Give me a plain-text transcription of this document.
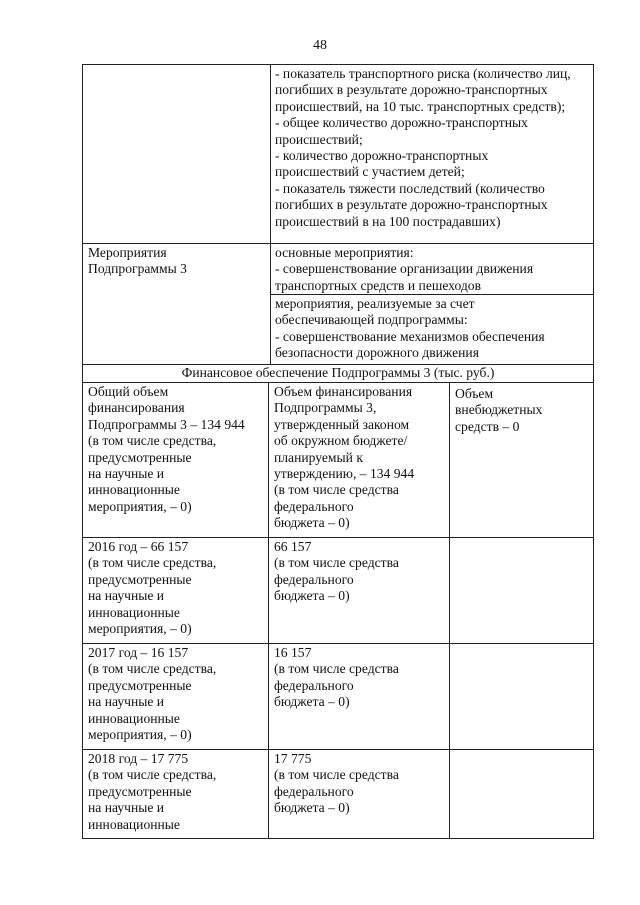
48
- показатель транспортного риска (количество лиц,
погибших в результате дорожно-транспортных
происшествий, на 10 тыс. транспортных средств);
- общее количество дорожно-транспортных
происшествий;
- количество дорожно-транспортных
происшествий с участием детей;
- показатель тяжести последствий (количество
погибших в результате дорожно-транспортных
происшествий в на 100 пострадавших)
Мероприятия
Подпрограммы 3
основные мероприятия:
- совершенствование организации движения
транспортных средств и пешеходов
мероприятия, реализуемые за счет
обеспечивающей подпрограммы:
- совершенствование механизмов обеспечения
безопасности дорожного движения
Финансовое обеспечение Подпрограммы 3 (тыс. руб.)
Общий объем
финансирования
Подпрограммы 3 – 134 944
(в том числе средства,
предусмотренные
на научные и
инновационные
мероприятия, – 0)
Объем финансирования
Подпрограммы 3,
утвержденный законом
об окружном бюджете/
планируемый к
утверждению, – 134 944
(в том числе средства
федерального
бюджета – 0)
Объем
внебюджетных
средств – 0
2016 год – 66 157
(в том числе средства,
предусмотренные
на научные и
инновационные
мероприятия, – 0)
66 157
(в том числе средства
федерального
бюджета – 0)
2017 год – 16 157
(в том числе средства,
предусмотренные
на научные и
инновационные
мероприятия, – 0)
16 157
(в том числе средства
федерального
бюджета – 0)
2018 год – 17 775
(в том числе средства,
предусмотренные
на научные и
инновационные
17 775
(в том числе средства
федерального
бюджета – 0)
